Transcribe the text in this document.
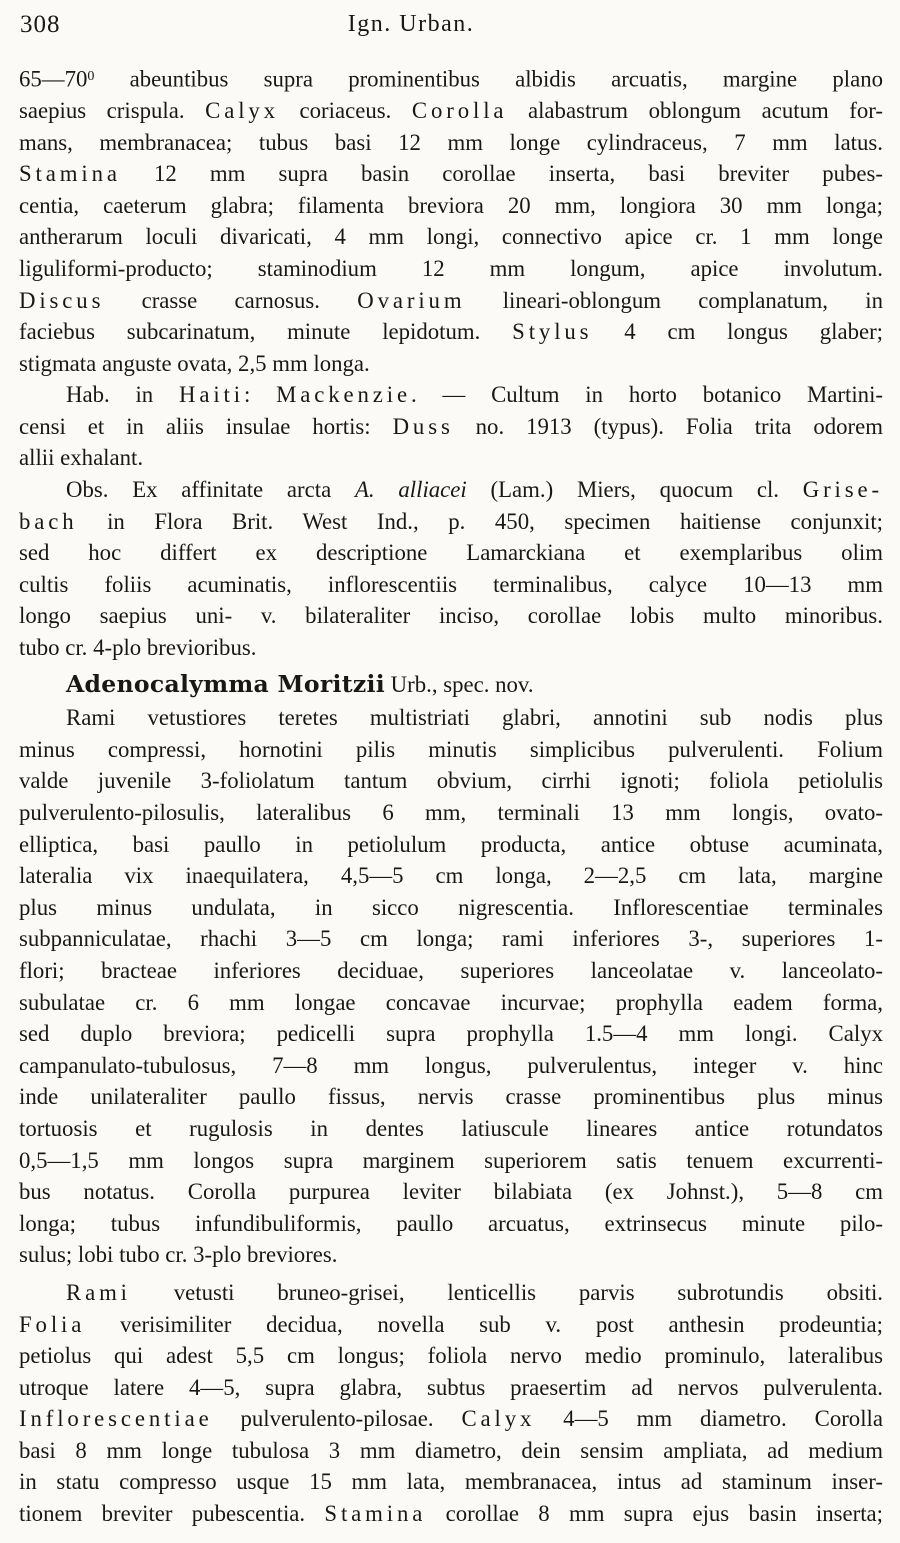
308	Ign. Urban.
$65—70^0$ abeuntibus supra prominentibus albidis arcuatis, margine plano
saepius crispula. Calyx coriaceus. Corolla alabastrum oblongum acutum for-
mans, membranacea; tubus basi 12 mm longe cylindraceus, 7 mm latus.
Stamina 12 mm supra basin corollae inserta, basi breviter pubes-
centia, caeterum glabra; filamenta breviora 20 mm, longiora 30 mm longa;
antherarum loculi divaricati, 4 mm longi, connectivo apice cr. 1 mm longe
liguliformi-producto; staminodium 12 mm longum, apice involutum.
Discus crasse carnosus. Ovarium lineari-oblongum complanatum, in
faciebus subcarinatum, minute lepidotum. Stylus 4 cm longus glaber;
stigmata anguste ovata, 2,5 mm longa.
Hab. in Haiti: Mackenzie. — Cultum in horto botanico Martini-
censi et in aliis insulae hortis: Duss no. 1913 (typus). Folia trita odorem
allii exhalant.
Obs. Ex affinitate arcta A. alliacei (Lam.) Miers, quocum cl. Grise-
bach in Flora Brit. West Ind., p. 450, specimen haitiense conjunxit;
sed hoc differt ex descriptione Lamarckiana et exemplaribus olim
cultis foliis acuminatis, inflorescentiis terminalibus, calyce 10—13 mm
longo saepius uni- v. bilateraliter inciso, corollae lobis multo minoribus.
tubo cr. 4-plo brevioribus.
Adenocalymma Moritzii Urb., spec. nov.
Rami vetustiores teretes multistriati glabri, annotini sub nodis plus
minus compressi, hornotini pilis minutis simplicibus pulverulenti. Folium
valde juvenile 3-foliolatum tantum obvium, cirrhi ignoti; foliola petiolulis
pulverulento-pilosulis, lateralibus 6 mm, terminali 13 mm longis, ovato-
elliptica, basi paullo in petiolulum producta, antice obtuse acuminata,
lateralia vix inaequilatera, 4,5—5 cm longa, 2—2,5 cm lata, margine
plus minus undulata, in sicco nigrescentia. Inflorescentiae terminales
subpanniculatae, rhachi 3—5 cm longa; rami inferiores 3-, superiores 1-
flori; bracteae inferiores deciduae, superiores lanceolatae v. lanceolato-
subulatae cr. 6 mm longae concavae incurvae; prophylla eadem forma,
sed duplo breviora; pedicelli supra prophylla 1.5—4 mm longi. Calyx
campanulato-tubulosus, 7—8 mm longus, pulverulentus, integer v. hinc
inde unilateraliter paullo fissus, nervis crasse prominentibus plus minus
tortuosis et rugulosis in dentes latiuscule lineares antice rotundatos
0,5—1,5 mm longos supra marginem superiorem satis tenuem excurrenti-
bus notatus. Corolla purpurea leviter bilabiata (ex Johnst.), 5—8 cm
longa; tubus infundibuliformis, paullo arcuatus, extrinsecus minute pilo-
sulus; lobi tubo cr. 3-plo breviores.
Rami vetusti bruneo-grisei, lenticellis parvis subrotundis obsiti.
Folia verisimiliter decidua, novella sub v. post anthesin prodeuntia;
petiolus qui adest 5,5 cm longus; foliola nervo medio prominulo, lateralibus
utroque latere 4—5, supra glabra, subtus praesertim ad nervos pulverulenta.
Inflorescentiae pulverulento-pilosae. Calyx 4—5 mm diametro. Corolla
basi 8 mm longe tubulosa 3 mm diametro, dein sensim ampliata, ad medium
in statu compresso usque 15 mm lata, membranacea, intus ad staminum inser-
tionem breviter pubescentia. Stamina corollae 8 mm supra ejus basin inserta;
